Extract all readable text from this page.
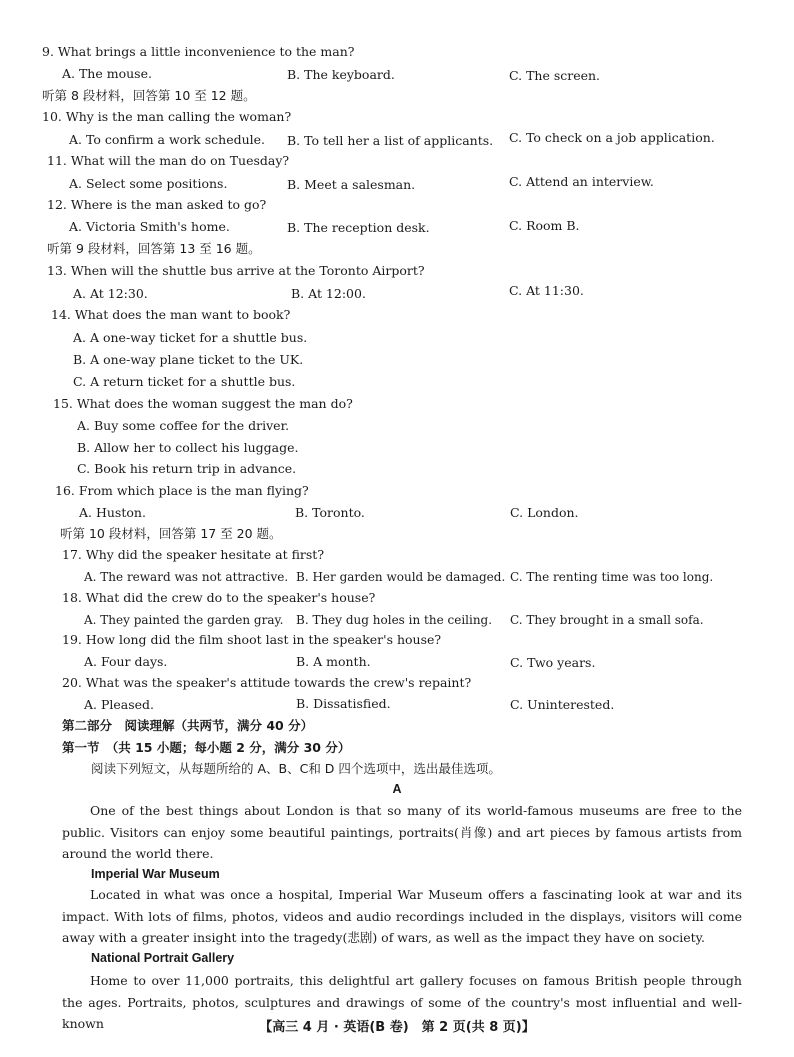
9. What brings a little inconvenience to the man?
A. The mouse.	B. The keyboard.	C. The screen.
听第 8 段材料，回答第 10 至 12 题。
10. Why is the man calling the woman?
A. To confirm a work schedule. B. To tell her a list of applicants. C. To check on a job application.
11. What will the man do on Tuesday?
A. Select some positions.	B. Meet a salesman.	C. Attend an interview.
12. Where is the man asked to go?
A. Victoria Smith's home.	B. The reception desk.	C. Room B.
听第 9 段材料，回答第 13 至 16 题。
13. When will the shuttle bus arrive at the Toronto Airport?
A. At 12:30.	B. At 12:00.	C. At 11:30.
14. What does the man want to book?
A. A one-way ticket for a shuttle bus.
B. A one-way plane ticket to the UK.
C. A return ticket for a shuttle bus.
15. What does the woman suggest the man do?
A. Buy some coffee for the driver.
B. Allow her to collect his luggage.
C. Book his return trip in advance.
16. From which place is the man flying?
A. Huston.	B. Toronto.	C. London.
听第 10 段材料，回答第 17 至 20 题。
17. Why did the speaker hesitate at first?
A. The reward was not attractive. B. Her garden would be damaged. C. The renting time was too long.
18. What did the crew do to the speaker's house?
A. They painted the garden gray. B. They dug holes in the ceiling. C. They brought in a small sofa.
19. How long did the film shoot last in the speaker's house?
A. Four days.	B. A month.	C. Two years.
20. What was the speaker's attitude towards the crew's repaint?
A. Pleased.	B. Dissatisfied.	C. Uninterested.
第二部分　阅读理解（共两节，满分 40 分）
第一节　（共 15 小题；每小题 2 分，满分 30 分）
阅读下列短文，从每题所给的 A、B、C和 D 四个选项中，选出最佳选项。
A
One of the best things about London is that so many of its world-famous museums are free to the public. Visitors can enjoy some beautiful paintings, portraits(肖像) and art pieces by famous artists from around the world there.
Imperial War Museum
Located in what was once a hospital, Imperial War Museum offers a fascinating look at war and its impact. With lots of films, photos, videos and audio recordings included in the displays, visitors will come away with a greater insight into the tragedy(悲剧) of wars, as well as the impact they have on society.
National Portrait Gallery
Home to over 11,000 portraits, this delightful art gallery focuses on famous British people through the ages. Portraits, photos, sculptures and drawings of some of the country's most influential and well-known	【高三 4 月 · 英语(B 卷)　第 2 页(共 8 页)】
